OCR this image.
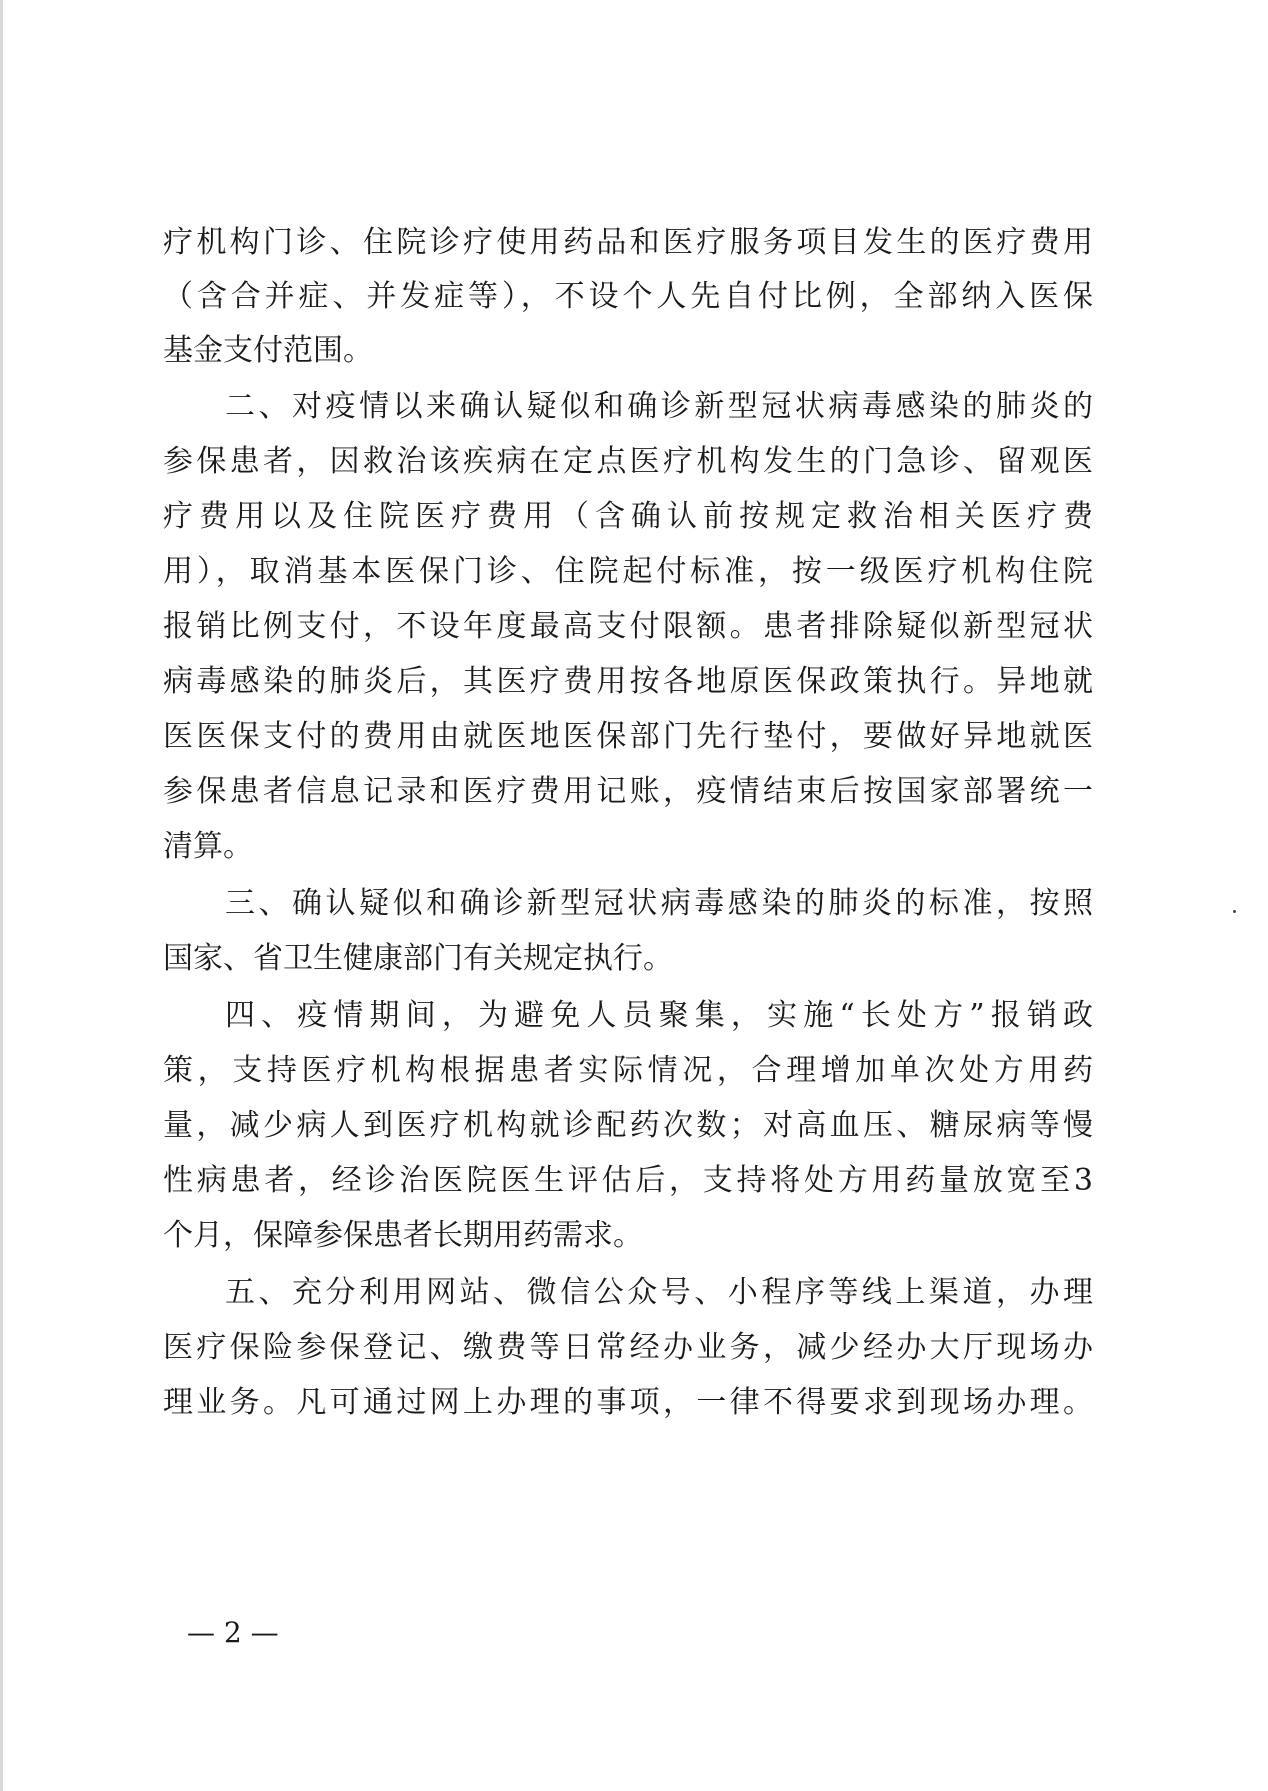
疗机构门诊、住院诊疗使用药品和医疗服务项目发生的医疗费用
（含合并症、并发症等），不设个人先自付比例，全部纳入医保
基金支付范围。
二、对疫情以来确认疑似和确诊新型冠状病毒感染的肺炎的
参保患者，因救治该疾病在定点医疗机构发生的门急诊、留观医
疗费用以及住院医疗费用（含确认前按规定救治相关医疗费
用），取消基本医保门诊、住院起付标准，按一级医疗机构住院
报销比例支付，不设年度最高支付限额。患者排除疑似新型冠状
病毒感染的肺炎后，其医疗费用按各地原医保政策执行。异地就
医医保支付的费用由就医地医保部门先行垫付，要做好异地就医
参保患者信息记录和医疗费用记账，疫情结束后按国家部署统一
清算。
三、确认疑似和确诊新型冠状病毒感染的肺炎的标准，按照
国家、省卫生健康部门有关规定执行。
四、疫情期间，为避免人员聚集，实施“长处方”报销政
策，支持医疗机构根据患者实际情况，合理增加单次处方用药
量，减少病人到医疗机构就诊配药次数；对高血压、糖尿病等慢
性病患者，经诊治医院医生评估后，支持将处方用药量放宽至3
个月，保障参保患者长期用药需求。
五、充分利用网站、微信公众号、小程序等线上渠道，办理
医疗保险参保登记、缴费等日常经办业务，减少经办大厅现场办
理业务。凡可通过网上办理的事项，一律不得要求到现场办理。
— 2 —
